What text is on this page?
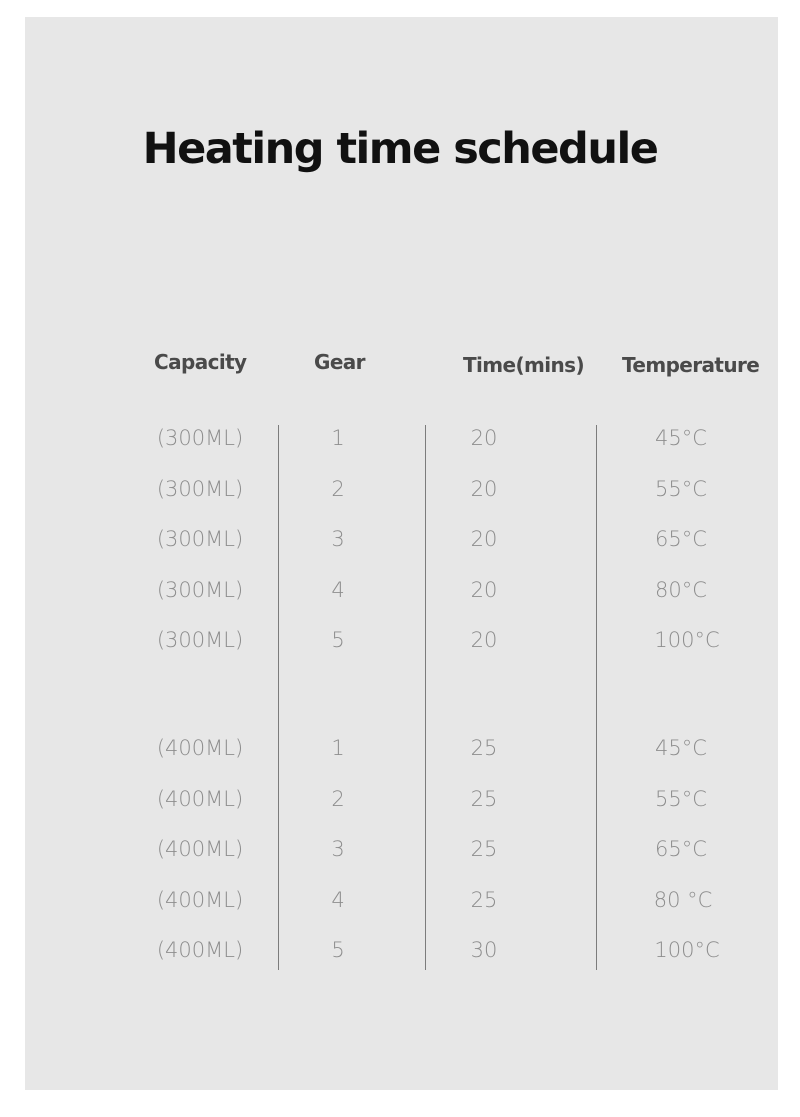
Heating time schedule
Capacity	Gear	Time(mins) Temperature
(300ML)	1	20	45°C
(300ML)	2	20	55°C
(300ML)	3	20	65°C
(300ML)	4	20	80°C
(300ML)	5	20	100°C
(400ML)	1	25	45°C
(400ML)	2	25	55°C
(400ML)	3	25	65°C
(400ML)	4	25	80 °C
(400ML)	5	30	100°C
